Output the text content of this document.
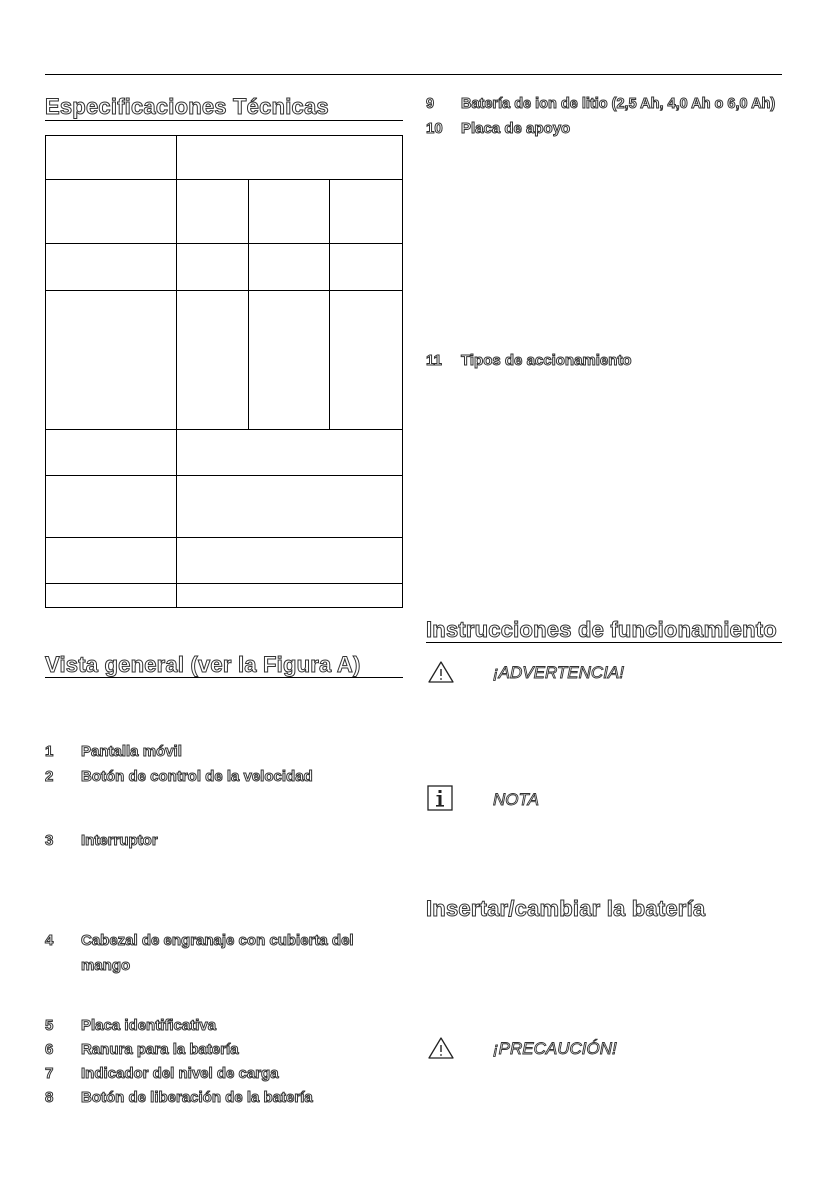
Especificaciones Técnicas

Vista general (ver la Figura A)
1 Pantalla móvil
2 Botón de control de la velocidad
3 Interruptor
4 Cabezal de engranaje con cubierta del
mango
5 Placa identificativa
6 Ranura para la batería
7 Indicador del nivel de carga
8 Botón de liberación de la batería
9 Batería de ion de litio (2,5 Ah, 4,0 Ah o 6,0 Ah)
10 Placa de apoyo
11 Tipos de accionamiento
Instrucciones de funcionamiento
¡ADVERTENCIA!
NOTA
Insertar/cambiar la batería
¡PRECAUCIÓN!
